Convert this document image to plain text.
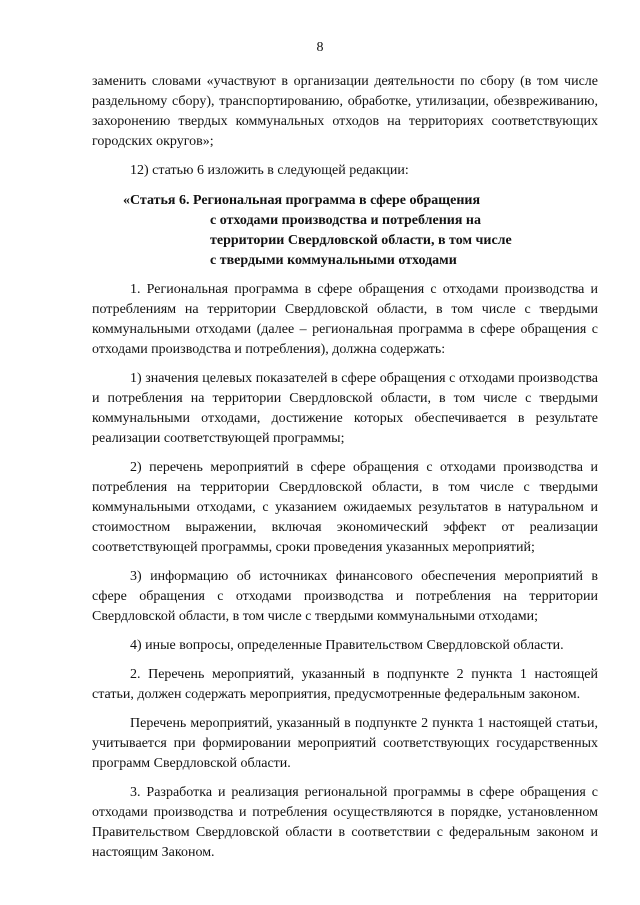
8

заменить словами «участвуют в организации деятельности по сбору (в том числе раздельному сбору), транспортированию, обработке, утилизации, обезвреживанию, захоронению твердых коммунальных отходов на территориях соответствующих городских округов»;

12) статью 6 изложить в следующей редакции:

«Статья 6. Региональная программа в сфере обращения
с отходами производства и потребления на
территории Свердловской области, в том числе
с твердыми коммунальными отходами

1. Региональная программа в сфере обращения с отходами производства и потреблениям на территории Свердловской области, в том числе с твердыми коммунальными отходами (далее – региональная программа в сфере обращения с отходами производства и потребления), должна содержать:

1) значения целевых показателей в сфере обращения с отходами производства и потребления на территории Свердловской области, в том числе с твердыми коммунальными отходами, достижение которых обеспечивается в результате реализации соответствующей программы;

2) перечень мероприятий в сфере обращения с отходами производства и потребления на территории Свердловской области, в том числе с твердыми коммунальными отходами, с указанием ожидаемых результатов в натуральном и стоимостном выражении, включая экономический эффект от реализации соответствующей программы, сроки проведения указанных мероприятий;

3) информацию об источниках финансового обеспечения мероприятий в сфере обращения с отходами производства и потребления на территории Свердловской области, в том числе с твердыми коммунальными отходами;

4) иные вопросы, определенные Правительством Свердловской области.

2. Перечень мероприятий, указанный в подпункте 2 пункта 1 настоящей статьи, должен содержать мероприятия, предусмотренные федеральным законом.

Перечень мероприятий, указанный в подпункте 2 пункта 1 настоящей статьи, учитывается при формировании мероприятий соответствующих государственных программ Свердловской области.

3. Разработка и реализация региональной программы в сфере обращения с отходами производства и потребления осуществляются в порядке, установленном Правительством Свердловской области в соответствии с федеральным законом и настоящим Законом.
